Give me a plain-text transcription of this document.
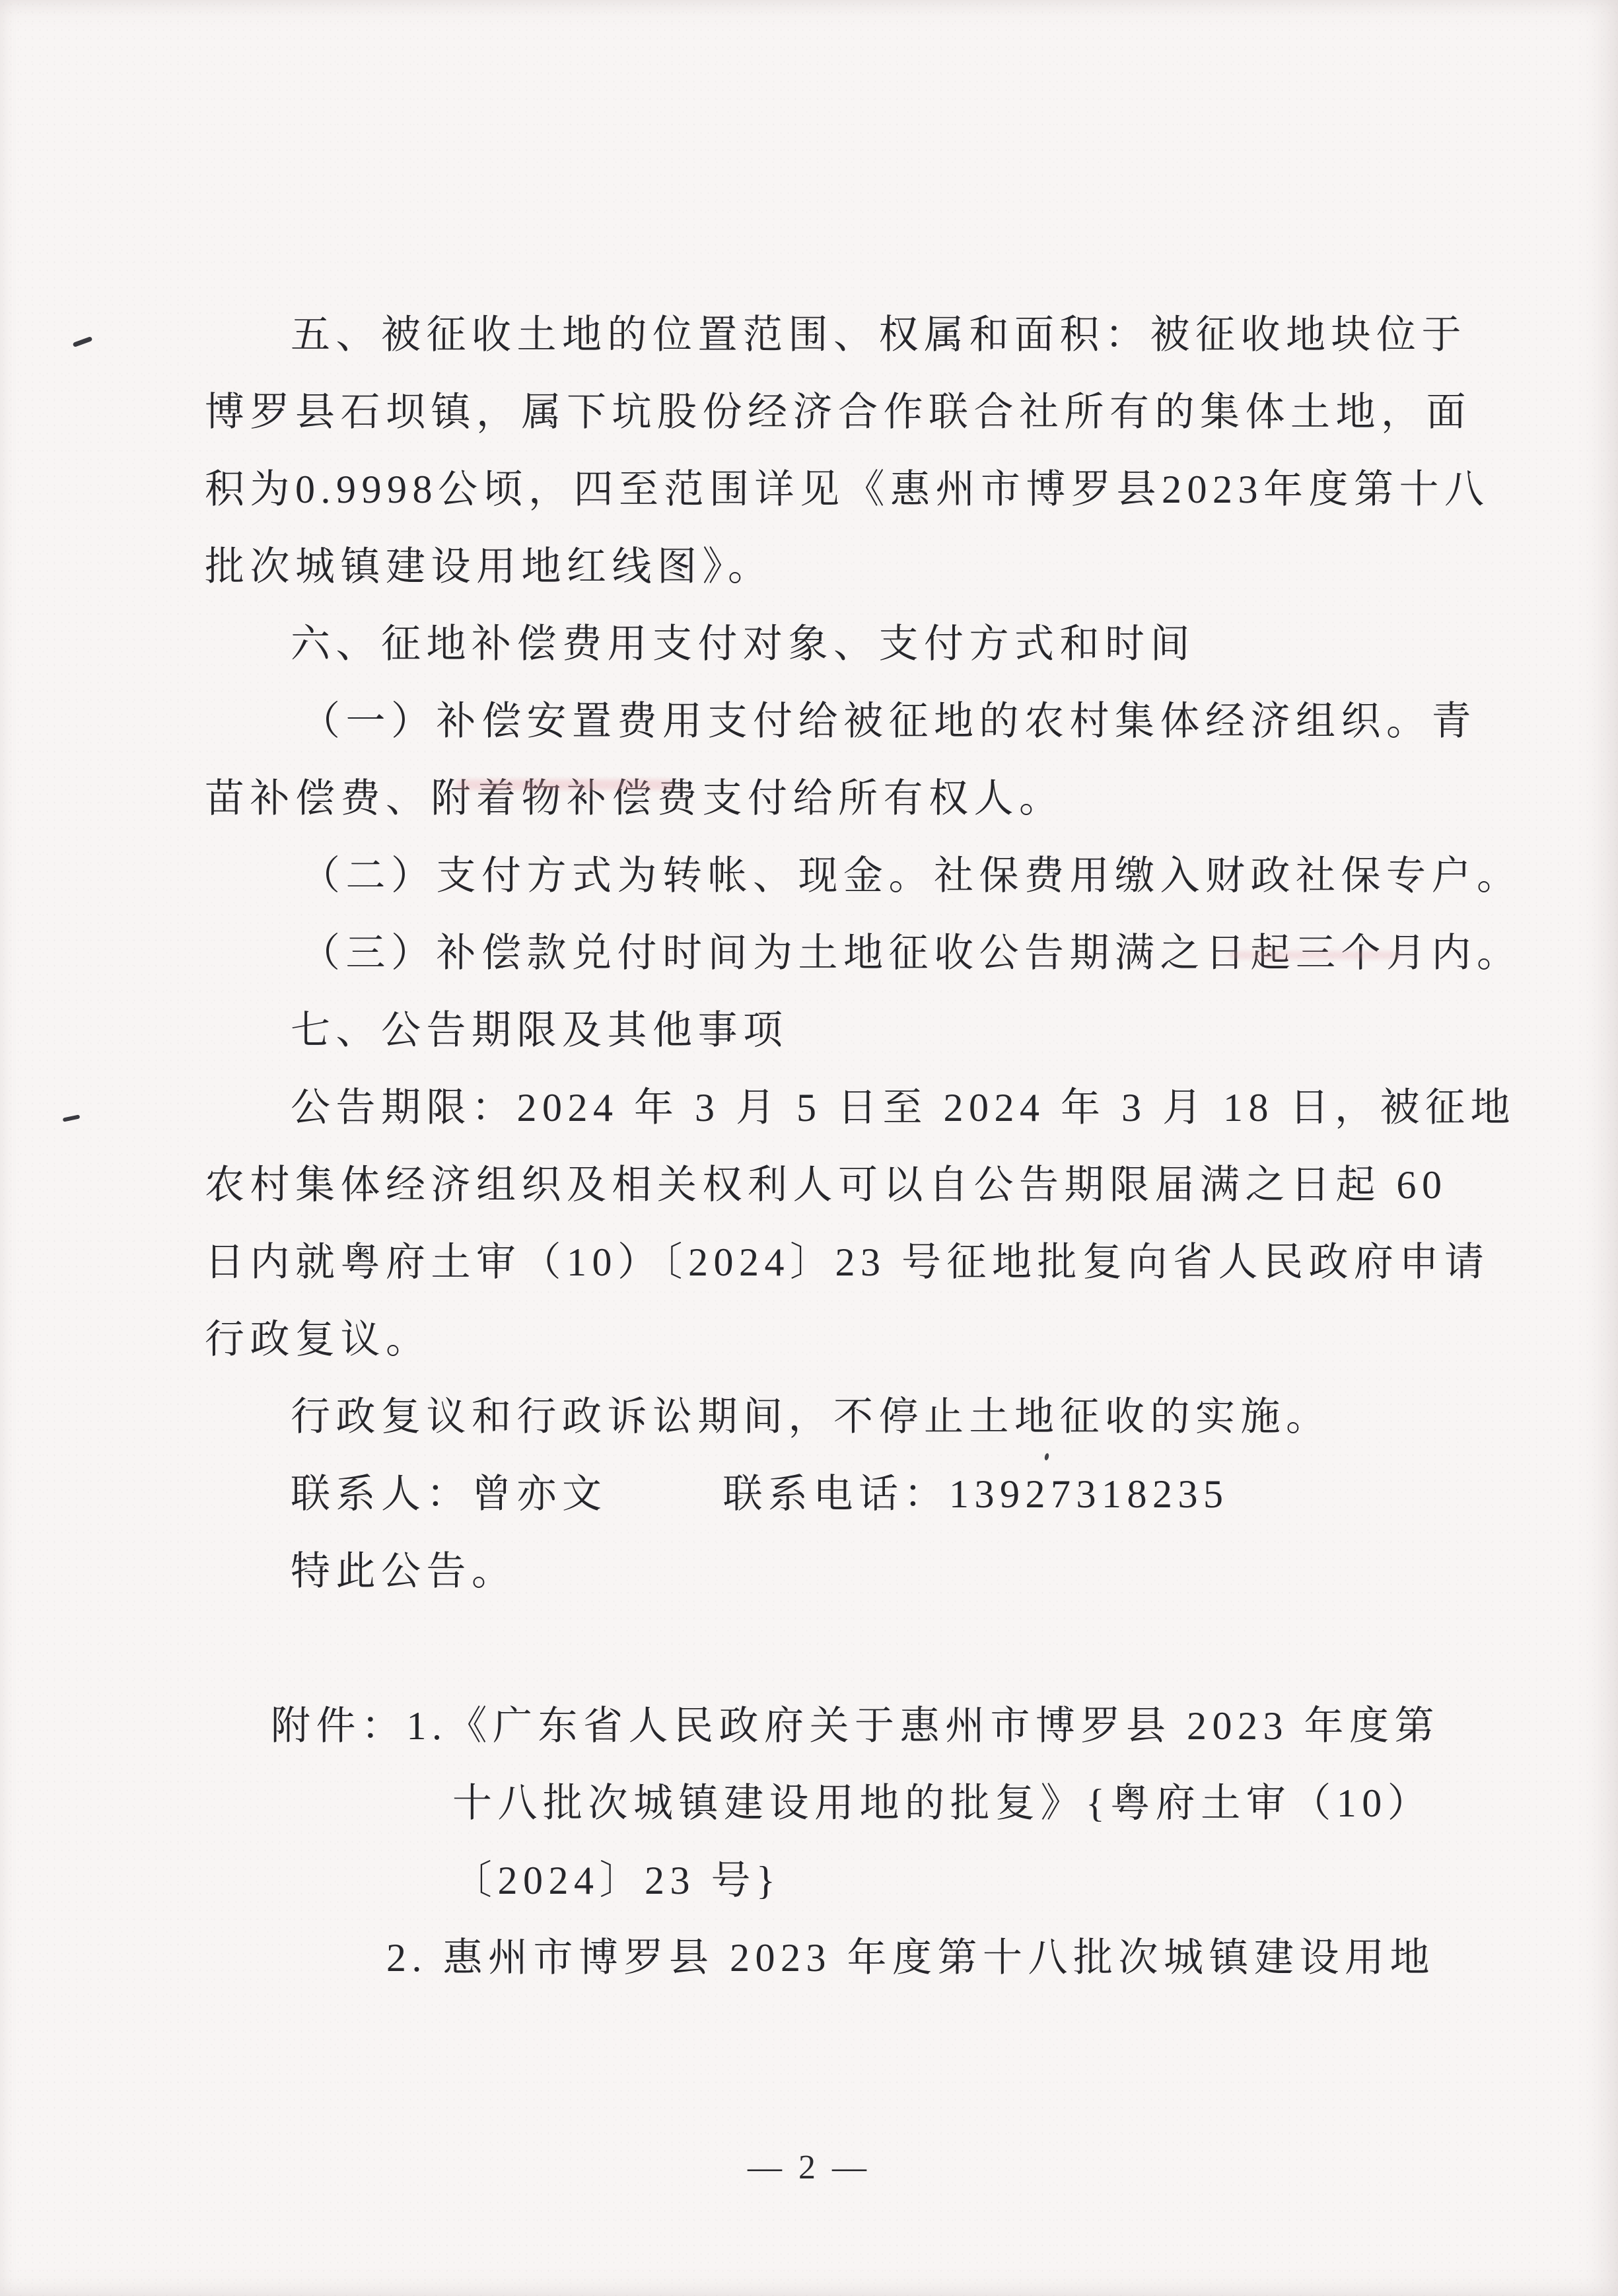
五、被征收土地的位置范围、权属和面积：被征收地块位于
博罗县石坝镇，属下坑股份经济合作联合社所有的集体土地，面
积为0.9998公顷，四至范围详见《惠州市博罗县2023年度第十八
批次城镇建设用地红线图》。
六、征地补偿费用支付对象、支付方式和时间
（一）补偿安置费用支付给被征地的农村集体经济组织。青
苗补偿费、附着物补偿费支付给所有权人。
（二）支付方式为转帐、现金。社保费用缴入财政社保专户。
（三）补偿款兑付时间为土地征收公告期满之日起三个月内。
七、公告期限及其他事项
公告期限：2024 年 3 月 5 日至 2024 年 3 月 18 日，被征地
农村集体经济组织及相关权利人可以自公告期限届满之日起 60
日内就粤府土审（10）〔2024〕23 号征地批复向省人民政府申请
行政复议。
行政复议和行政诉讼期间，不停止土地征收的实施。
联系人：曾亦文	联系电话：13927318235
特此公告。
附件：1.《广东省人民政府关于惠州市博罗县 2023 年度第
十八批次城镇建设用地的批复》{粤府土审（10）
〔2024〕23 号}
2. 惠州市博罗县 2023 年度第十八批次城镇建设用地
— 2 —
